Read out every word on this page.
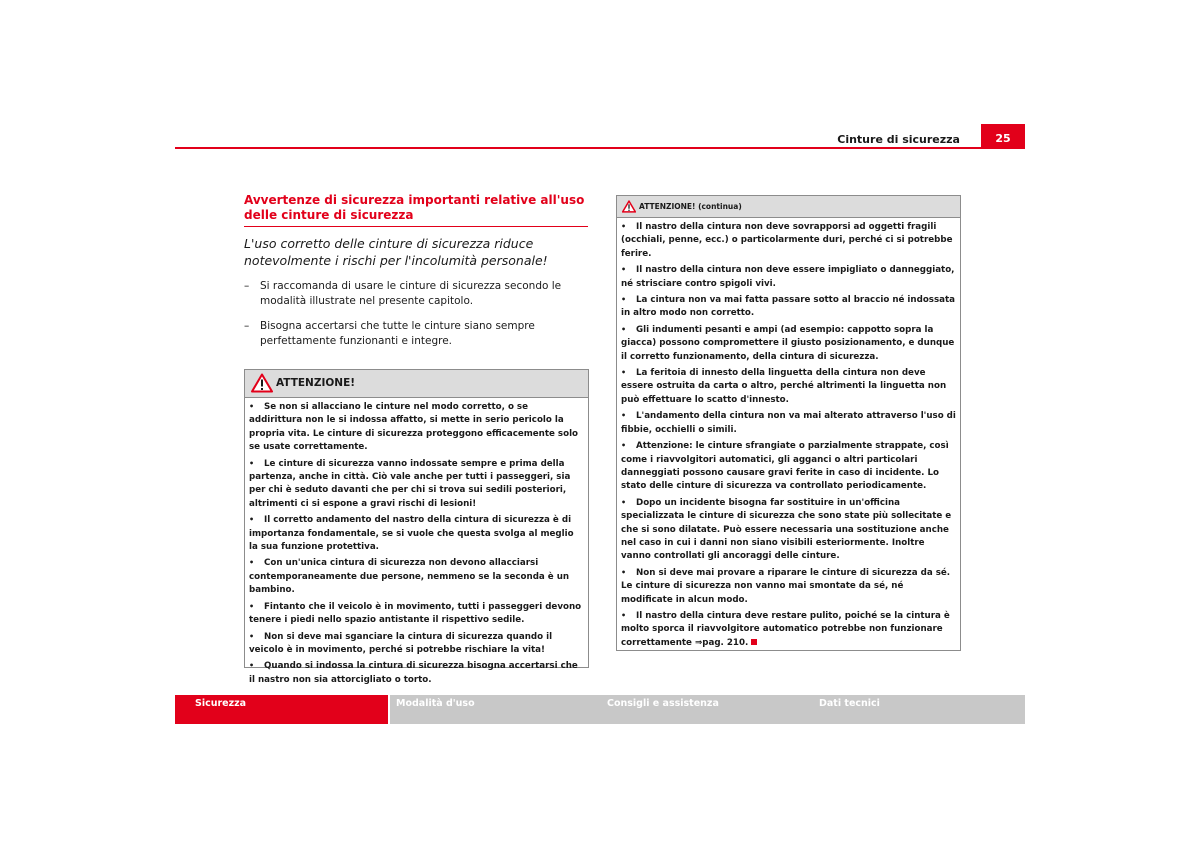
Cinture di sicurezza	25
Avvertenze di sicurezza importanti relative all'uso delle cinture di sicurezza
L'uso corretto delle cinture di sicurezza riduce notevolmente i rischi per l'incolumità personale!
–	Si raccomanda di usare le cinture di sicurezza secondo le modalità illustrate nel presente capitolo.
–	Bisogna accertarsi che tutte le cinture siano sempre perfettamente funzionanti e integre.
ATTENZIONE!
• Se non si allacciano le cinture nel modo corretto, o se addirittura non le si indossa affatto, si mette in serio pericolo la propria vita. Le cinture di sicurezza proteggono efficacemente solo se usate correttamente.
• Le cinture di sicurezza vanno indossate sempre e prima della partenza, anche in città. Ciò vale anche per tutti i passeggeri, sia per chi è seduto davanti che per chi si trova sui sedili posteriori, altrimenti ci si espone a gravi rischi di lesioni!
• Il corretto andamento del nastro della cintura di sicurezza è di importanza fondamentale, se si vuole che questa svolga al meglio la sua funzione protettiva.
• Con un'unica cintura di sicurezza non devono allacciarsi contemporaneamente due persone, nemmeno se la seconda è un bambino.
• Fintanto che il veicolo è in movimento, tutti i passeggeri devono tenere i piedi nello spazio antistante il rispettivo sedile.
• Non si deve mai sganciare la cintura di sicurezza quando il veicolo è in movimento, perché si potrebbe rischiare la vita!
• Quando si indossa la cintura di sicurezza bisogna accertarsi che il nastro non sia attorcigliato o torto.
ATTENZIONE! (continua)
• Il nastro della cintura non deve sovrapporsi ad oggetti fragili (occhiali, penne, ecc.) o particolarmente duri, perché ci si potrebbe ferire.
• Il nastro della cintura non deve essere impigliato o danneggiato, né strisciare contro spigoli vivi.
• La cintura non va mai fatta passare sotto al braccio né indossata in altro modo non corretto.
• Gli indumenti pesanti e ampi (ad esempio: cappotto sopra la giacca) possono compromettere il giusto posizionamento, e dunque il corretto funzionamento, della cintura di sicurezza.
• La feritoia di innesto della linguetta della cintura non deve essere ostruita da carta o altro, perché altrimenti la linguetta non può effettuare lo scatto d'innesto.
• L'andamento della cintura non va mai alterato attraverso l'uso di fibbie, occhielli o simili.
• Attenzione: le cinture sfrangiate o parzialmente strappate, così come i riavvolgitori automatici, gli agganci o altri particolari danneggiati possono causare gravi ferite in caso di incidente. Lo stato delle cinture di sicurezza va controllato periodicamente.
• Dopo un incidente bisogna far sostituire in un'officina specializzata le cinture di sicurezza che sono state più sollecitate e che si sono dilatate. Può essere necessaria una sostituzione anche nel caso in cui i danni non siano visibili esteriormente. Inoltre vanno controllati gli ancoraggi delle cinture.
• Non si deve mai provare a riparare le cinture di sicurezza da sé. Le cinture di sicurezza non vanno mai smontate da sé, né modificate in alcun modo.
• Il nastro della cintura deve restare pulito, poiché se la cintura è molto sporca il riavvolgitore automatico potrebbe non funzionare correttamente ⇒pag. 210.
Sicurezza	Modalità d'uso	Consigli e assistenza	Dati tecnici
